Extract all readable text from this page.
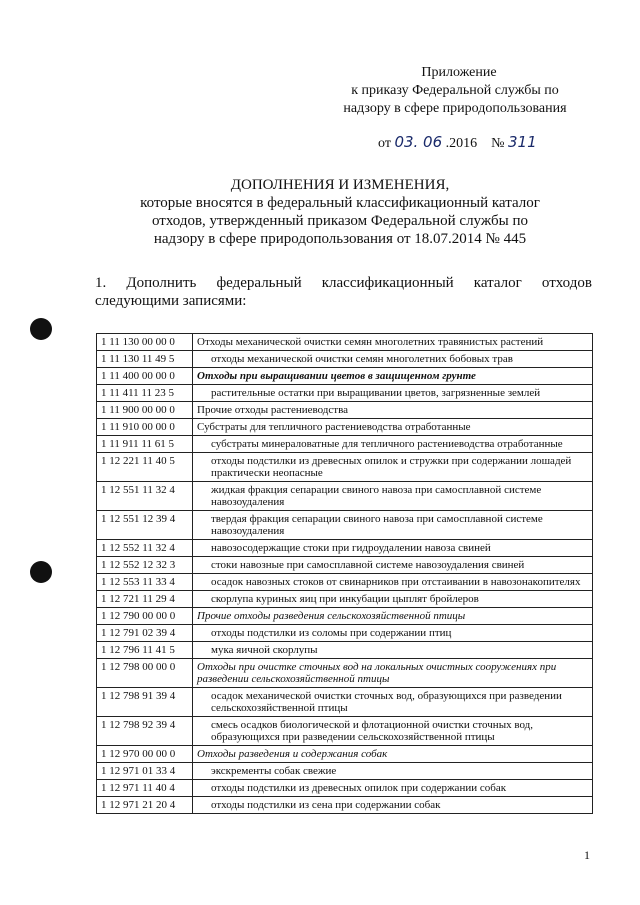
Приложение
к приказу Федеральной службы по
надзору в сфере природопользования
от 03. 06 .2016 № 311
ДОПОЛНЕНИЯ И ИЗМЕНЕНИЯ,
которые вносятся в федеральный классификационный каталог
отходов, утвержденный приказом Федеральной службы по
надзору в сфере природопользования от 18.07.2014 № 445
1. Дополнить федеральный классификационный каталог отходов
следующими записями:
1 11 130 00 00 0	Отходы механической очистки семян многолетних травянистых растений
1 11 130 11 49 5	отходы механической очистки семян многолетних бобовых трав
1 11 400 00 00 0	Отходы при выращивании цветов в защищенном грунте
1 11 411 11 23 5	растительные остатки при выращивании цветов, загрязненные землей
1 11 900 00 00 0	Прочие отходы растениеводства
1 11 910 00 00 0	Субстраты для тепличного растениеводства отработанные
1 11 911 11 61 5	субстраты минераловатные для тепличного растениеводства отработанные
1 12 221 11 40 5	отходы подстилки из древесных опилок и стружки при содержании лошадей практически неопасные
1 12 551 11 32 4	жидкая фракция сепарации свиного навоза при самосплавной системе навозоудаления
1 12 551 12 39 4	твердая фракция сепарации свиного навоза при самосплавной системе навозоудаления
1 12 552 11 32 4	навозосодержащие стоки при гидроудалении навоза свиней
1 12 552 12 32 3	стоки навозные при самосплавной системе навозоудаления свиней
1 12 553 11 33 4	осадок навозных стоков от свинарников при отстаивании в навозонакопителях
1 12 721 11 29 4	скорлупа куриных яиц при инкубации цыплят бройлеров
1 12 790 00 00 0	Прочие отходы разведения сельскохозяйственной птицы
1 12 791 02 39 4	отходы подстилки из соломы при содержании птиц
1 12 796 11 41 5	мука яичной скорлупы
1 12 798 00 00 0	Отходы при очистке сточных вод на локальных очистных сооружениях при разведении сельскохозяйственной птицы
1 12 798 91 39 4	осадок механической очистки сточных вод, образующихся при разведении сельскохозяйственной птицы
1 12 798 92 39 4	смесь осадков биологической и флотационной очистки сточных вод, образующихся при разведении сельскохозяйственной птицы
1 12 970 00 00 0	Отходы разведения и содержания собак
1 12 971 01 33 4	экскременты собак свежие
1 12 971 11 40 4	отходы подстилки из древесных опилок при содержании собак
1 12 971 21 20 4	отходы подстилки из сена при содержании собак
1
